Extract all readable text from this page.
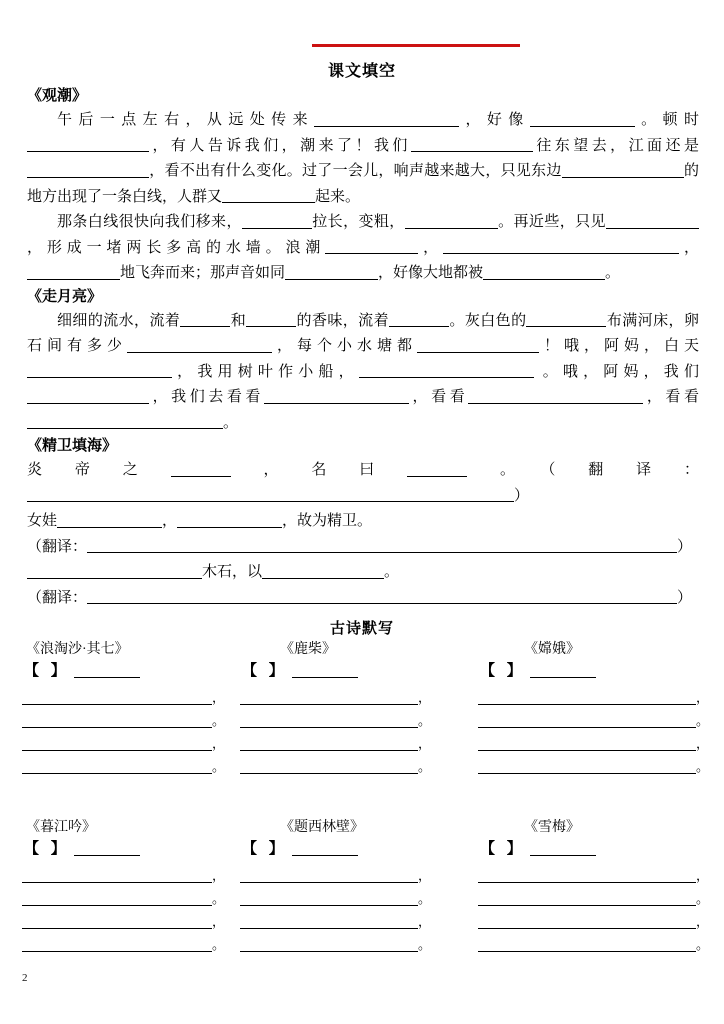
课文填空
《观潮》

午后一点左右，从远处传来	，好像	。顿时，有人告诉我们，潮来了！我们	往东望去，江面还是，看不出有什么变化。过了一会儿，响声越来越大，只见东边	的地方出现了一条白线，人群又	起来。

那条白线很快向我们移来，	拉长，变粗，	。再近些，只见，形成一堵两长多高的水墙。浪潮	，	，地飞奔而来；那声音如同	，好像大地都被	。

《走月亮》

细细的流水，流着	和	的香味，流着	。灰白色的	布满河床，卵石间有多少	，每个小水塘都	！哦，阿妈，白天，我用树叶作小船，	。哦，阿妈，我们，我们去看看	，看看	，看看。

《精卫填海》

炎帝之	，名曰	。（翻译：）

女娃	，	，故为精卫。

（翻译：	）

木石，以	。

（翻译：	）

古诗默写
《浪淘沙·其七》
【 】
，
。
，
。
《鹿柴》
【 】
，
。
，
。
《嫦娥》
【 】
，
。
，
。
《暮江吟》
【 】
，
。
，
。
《题西林壁》
【 】
，
。
，
。
《雪梅》
【 】
，
。
，
。
2
